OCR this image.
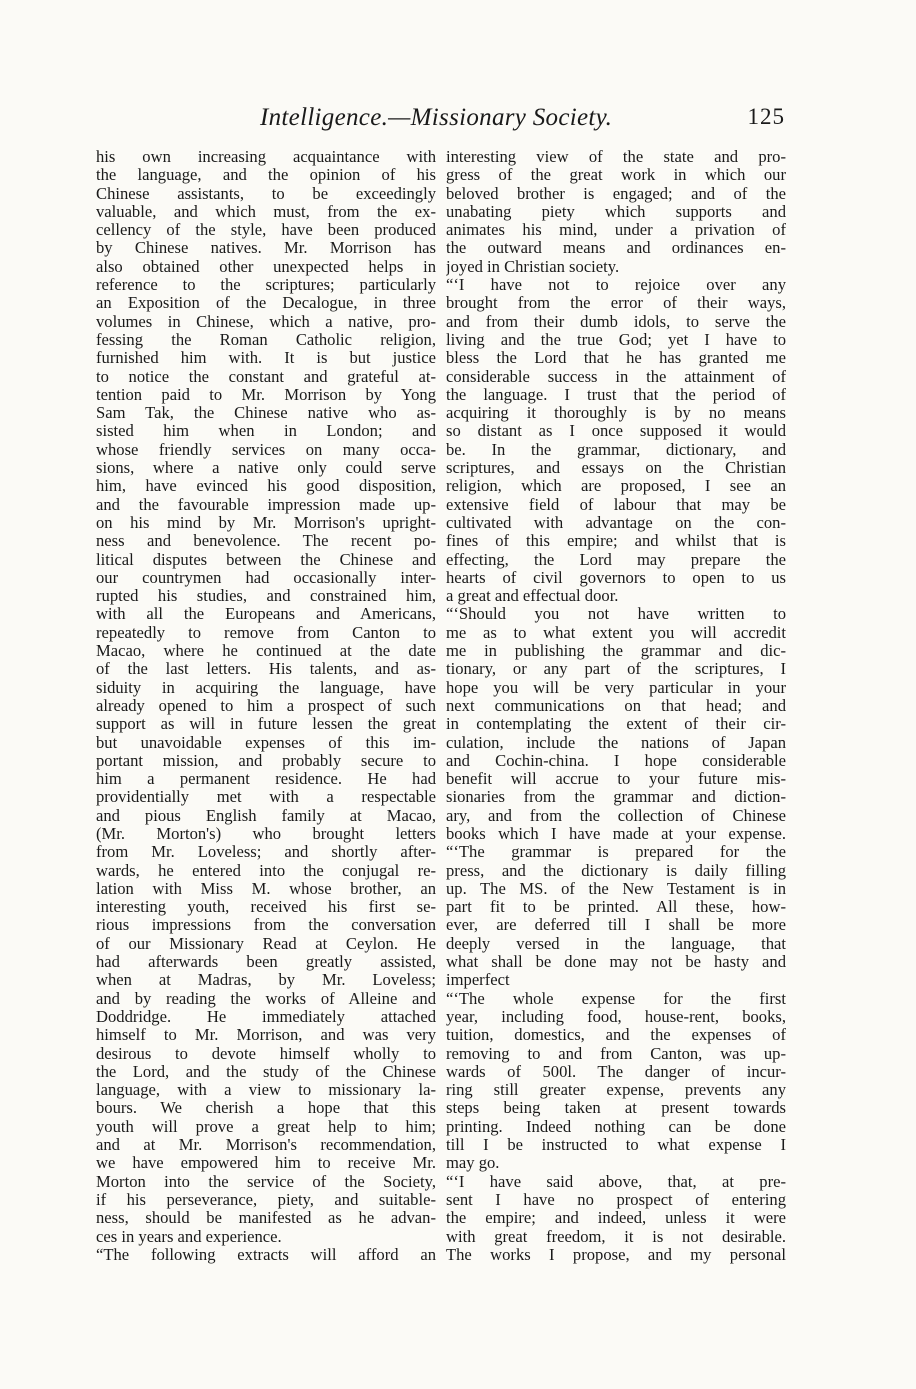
Intelligence.—Missionary Society.	125
his own increasing acquaintance with
the language, and the opinion of his
Chinese assistants, to be exceedingly
valuable, and which must, from the ex-
cellency of the style, have been produced
by Chinese natives. Mr. Morrison has
also obtained other unexpected helps in
reference to the scriptures; particularly
an Exposition of the Decalogue, in three
volumes in Chinese, which a native, pro-
fessing the Roman Catholic religion,
furnished him with. It is but justice
to notice the constant and grateful at-
tention paid to Mr. Morrison by Yong
Sam Tak, the Chinese native who as-
sisted him when in London; and
whose friendly services on many occa-
sions, where a native only could serve
him, have evinced his good disposition,
and the favourable impression made up-
on his mind by Mr. Morrison's upright-
ness and benevolence. The recent po-
litical disputes between the Chinese and
our countrymen had occasionally inter-
rupted his studies, and constrained him,
with all the Europeans and Americans,
repeatedly to remove from Canton to
Macao, where he continued at the date
of the last letters. His talents, and as-
siduity in acquiring the language, have
already opened to him a prospect of such
support as will in future lessen the great
but unavoidable expenses of this im-
portant mission, and probably secure to
him a permanent residence. He had
providentially met with a respectable
and pious English family at Macao,
(Mr. Morton's) who brought letters
from Mr. Loveless; and shortly after-
wards, he entered into the conjugal re-
lation with Miss M. whose brother, an
interesting youth, received his first se-
rious impressions from the conversation
of our Missionary Read at Ceylon. He
had afterwards been greatly assisted,
when at Madras, by Mr. Loveless;
and by reading the works of Alleine and
Doddridge. He immediately attached
himself to Mr. Morrison, and was very
desirous to devote himself wholly to
the Lord, and the study of the Chinese
language, with a view to missionary la-
bours. We cherish a hope that this
youth will prove a great help to him;
and at Mr. Morrison's recommendation,
we have empowered him to receive Mr.
Morton into the service of the Society,
if his perseverance, piety, and suitable-
ness, should be manifested as he advan-
ces in years and experience.
“The following extracts will afford an
interesting view of the state and pro-
gress of the great work in which our
beloved brother is engaged; and of the
unabating piety which supports and
animates his mind, under a privation of
the outward means and ordinances en-
joyed in Christian society.
“‘I have not to rejoice over any
brought from the error of their ways,
and from their dumb idols, to serve the
living and the true God; yet I have to
bless the Lord that he has granted me
considerable success in the attainment of
the language. I trust that the period of
acquiring it thoroughly is by no means
so distant as I once supposed it would
be. In the grammar, dictionary, and
scriptures, and essays on the Christian
religion, which are proposed, I see an
extensive field of labour that may be
cultivated with advantage on the con-
fines of this empire; and whilst that is
effecting, the Lord may prepare the
hearts of civil governors to open to us
a great and effectual door.
“‘Should you not have written to
me as to what extent you will accredit
me in publishing the grammar and dic-
tionary, or any part of the scriptures, I
hope you will be very particular in your
next communications on that head; and
in contemplating the extent of their cir-
culation, include the nations of Japan
and Cochin-china. I hope considerable
benefit will accrue to your future mis-
sionaries from the grammar and diction-
ary, and from the collection of Chinese
books which I have made at your expense.
“‘The grammar is prepared for the
press, and the dictionary is daily filling
up. The MS. of the New Testament is in
part fit to be printed. All these, how-
ever, are deferred till I shall be more
deeply versed in the language, that
what shall be done may not be hasty and
imperfect
“‘The whole expense for the first
year, including food, house-rent, books,
tuition, domestics, and the expenses of
removing to and from Canton, was up-
wards of 500l. The danger of incur-
ring still greater expense, prevents any
steps being taken at present towards
printing. Indeed nothing can be done
till I be instructed to what expense I
may go.
“‘I have said above, that, at pre-
sent I have no prospect of entering
the empire; and indeed, unless it were
with great freedom, it is not desirable.
The works I propose, and my personal
